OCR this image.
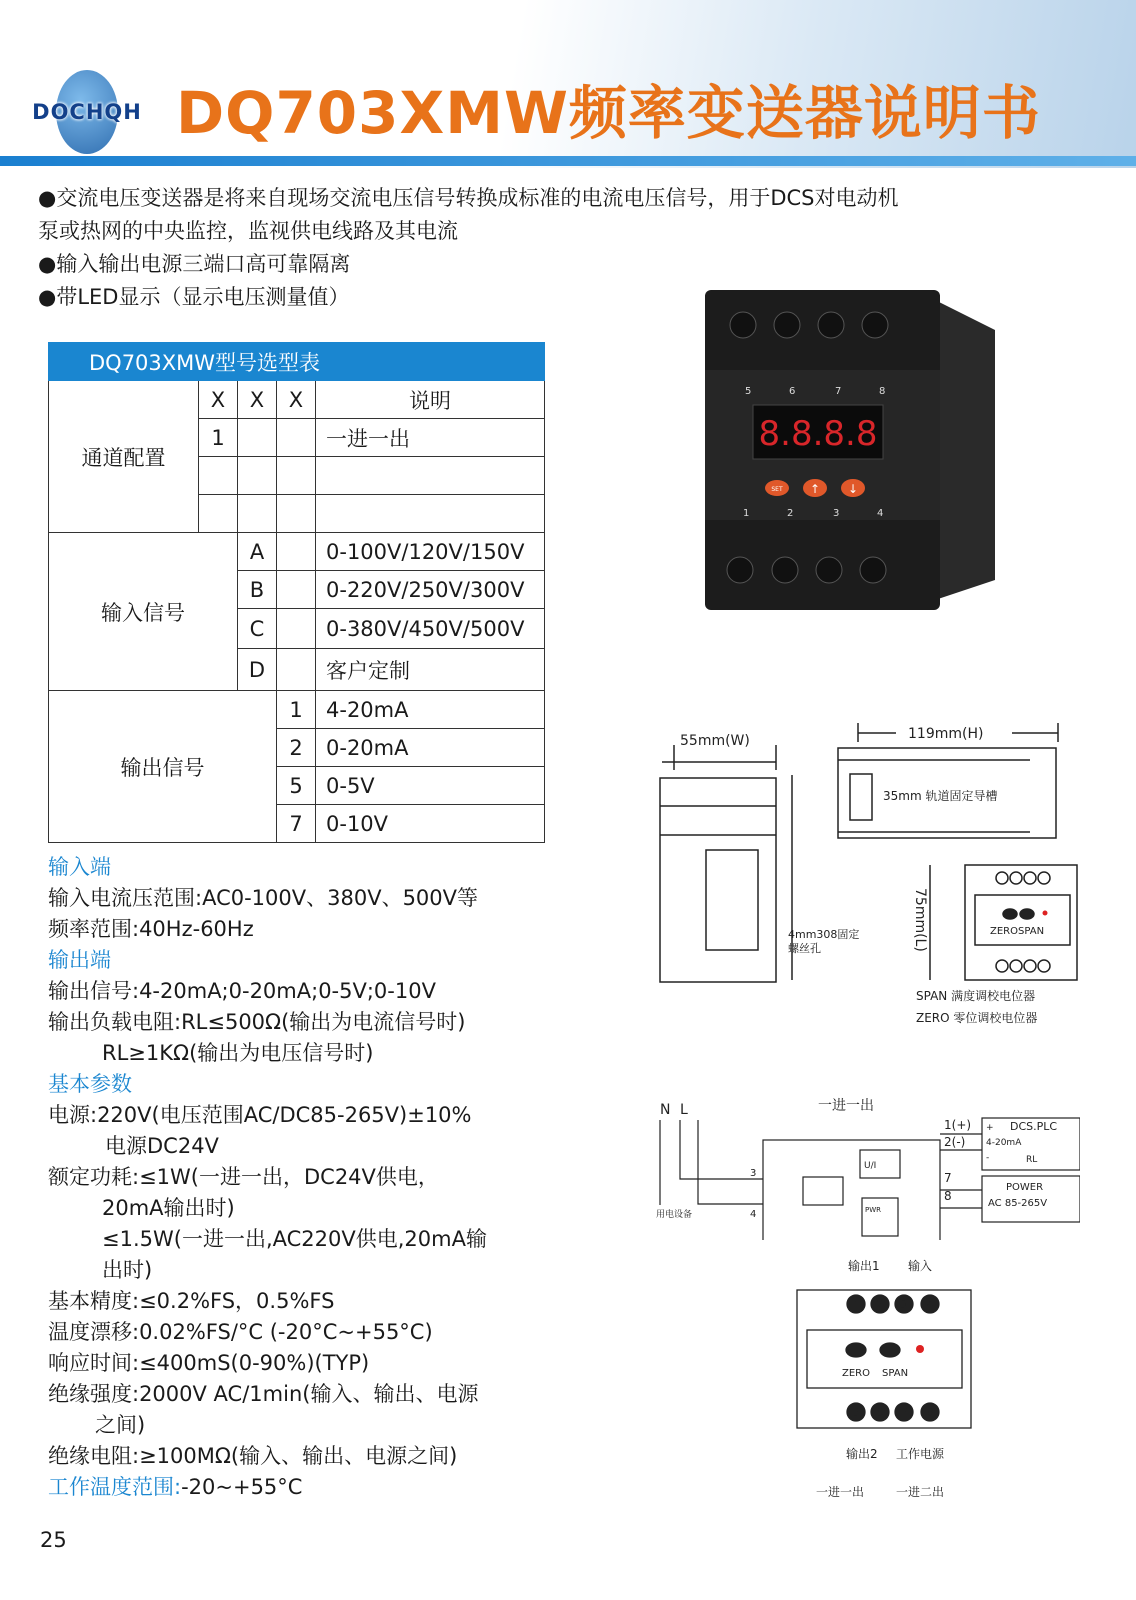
DOCHQH DQ703XMW频率变送器说明书
●交流电压变送器是将来自现场交流电压信号转换成标准的电流电压信号，用于DCS对电动机
泵或热网的中央监控，监视供电线路及其电流
●输入输出电源三端口高可靠隔离
●带LED显示（显示电压测量值）
DQ703XMW型号选型表				
通道配置	X	X	X	说明
	1			一进一出

输入信号		A		0-100V/120V/150V
		B		0-220V/250V/300V
		C		0-380V/450V/500V
		D		客户定制
输出信号			1	4-20mA
			2	0-20mA
			5	0-5V
			7	0-10V
输入端
输入电流压范围:AC0-100V、380V、500V等
频率范围:40Hz-60Hz
输出端
输出信号:4-20mA;0-20mA;0-5V;0-10V
输出负载电阻:RL≤500Ω(输出为电流信号时)
RL≥1KΩ(输出为电压信号时)
基本参数
电源:220V(电压范围AC/DC85-265V)±10%
电源DC24V
额定功耗:≤1W(一进一出，DC24V供电，
20mA输出时)
≤1.5W(一进一出,AC220V供电,20mA输
出时)
基本精度:≤0.2%FS，0.5%FS
温度漂移:0.02%FS/°C (-20°C~+55°C)
响应时间:≤400mS(0-90%)(TYP)
绝缘强度:2000V AC/1min(输入、输出、电源
之间)
绝缘电阻:≥100MΩ(输入、输出、电源之间)
工作温度范围:-20~+55°C
5	6	7	8
1	2	3	4
8.8.8.8
SET ↑ ↓
55mm(W)
4mm308固定
螺丝孔
119mm(H)
35mm 轨道固定导槽
75mm(L)	ZERO SPAN
SPAN 满度调校电位器
ZERO 零位调校电位器
N L	一进一出
3
4
1(+)
2(-)
7
8
用电设备
DCS.PLC
+
-
4-20mA
RL
POWER
AC 85-265V
U/I
PWR
输出1 输入
输出2 工作电源
ZERO SPAN
一进一出	一进二出
1 2 3 4
5 6 7 8
25
